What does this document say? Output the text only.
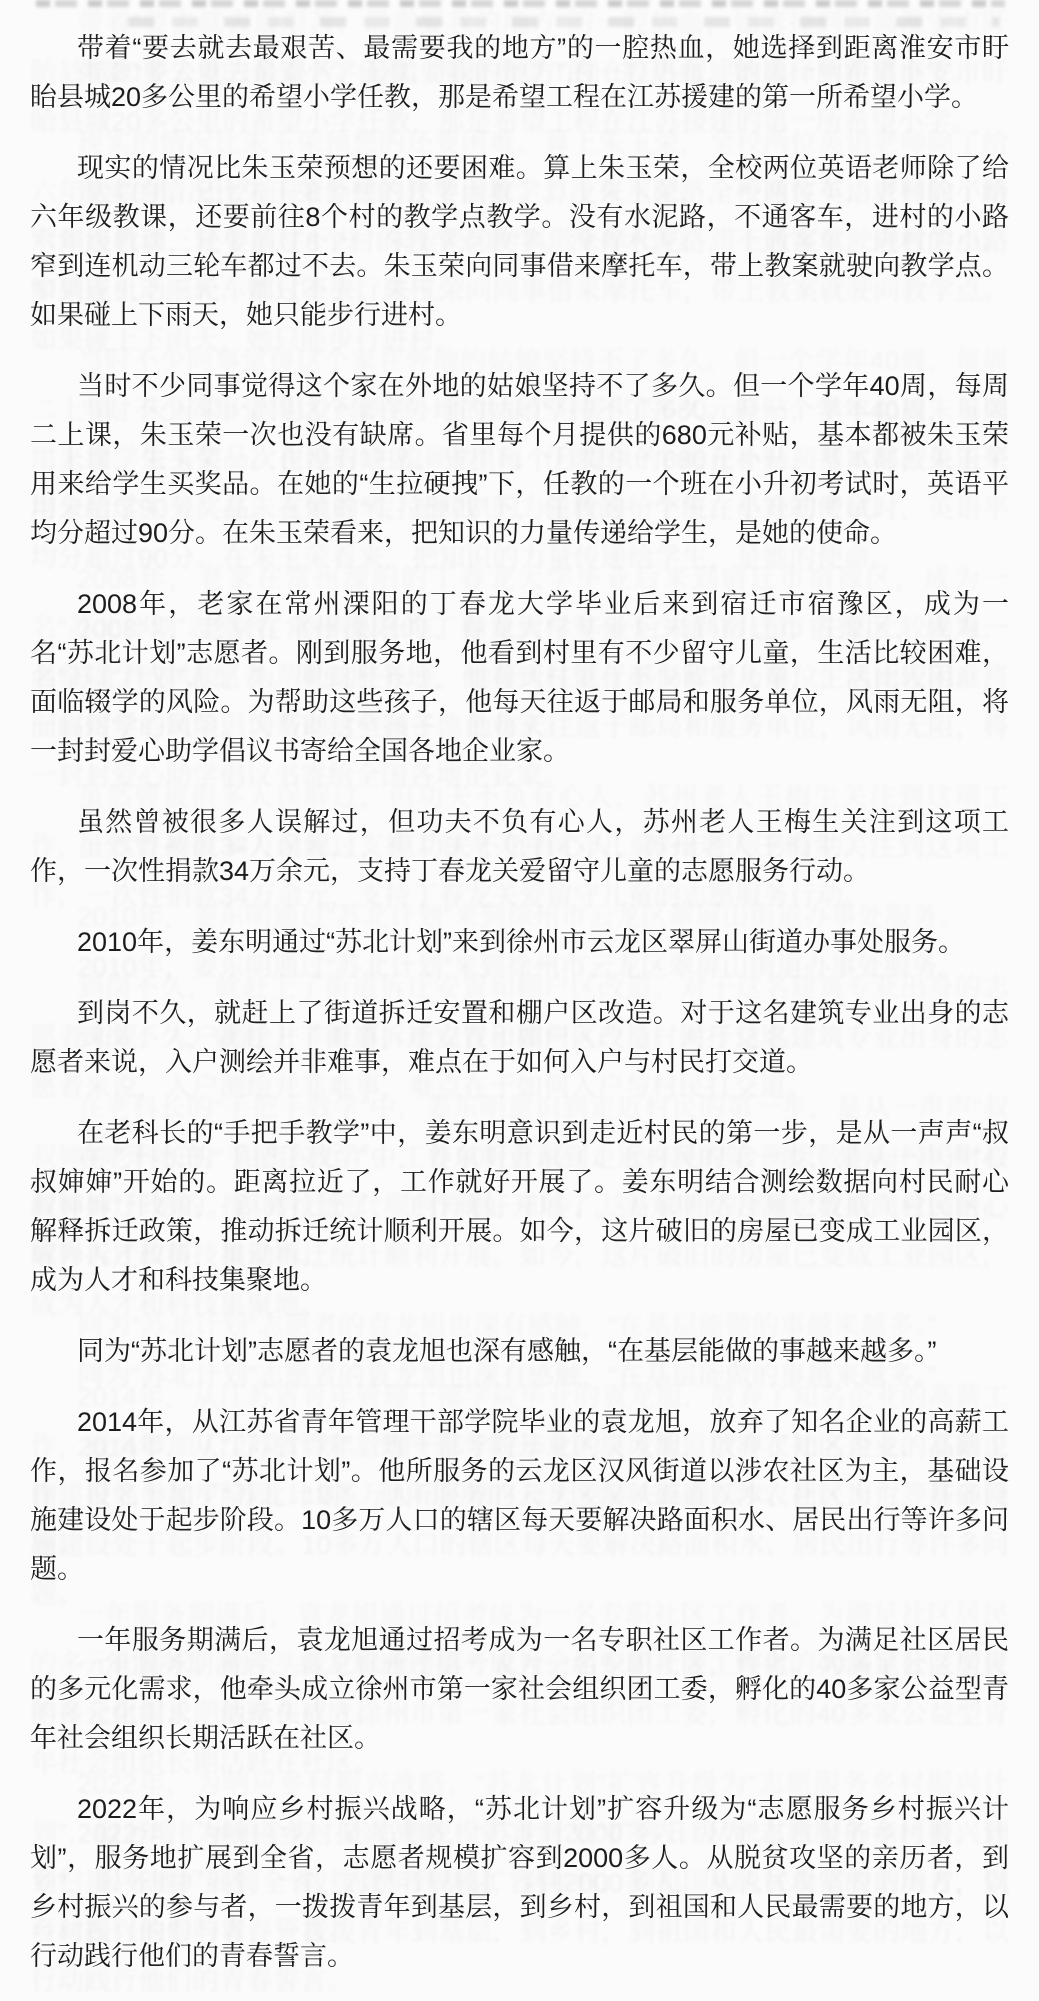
带着“要去就去最艰苦、最需要我的地方”的一腔热血，她选择到距离淮安市盱眙县城20多公里的希望小学任教，那是希望工程在江苏援建的第一所希望小学。

现实的情况比朱玉荣预想的还要困难。算上朱玉荣，全校两位英语老师除了给六年级教课，还要前往8个村的教学点教学。没有水泥路，不通客车，进村的小路窄到连机动三轮车都过不去。朱玉荣向同事借来摩托车，带上教案就驶向教学点。如果碰上下雨天，她只能步行进村。

当时不少同事觉得这个家在外地的姑娘坚持不了多久。但一个学年40周，每周二上课，朱玉荣一次也没有缺席。省里每个月提供的680元补贴，基本都被朱玉荣用来给学生买奖品。在她的“生拉硬拽”下，任教的一个班在小升初考试时，英语平均分超过90分。在朱玉荣看来，把知识的力量传递给学生，是她的使命。

2008年，老家在常州溧阳的丁春龙大学毕业后来到宿迁市宿豫区，成为一名“苏北计划”志愿者。刚到服务地，他看到村里有不少留守儿童，生活比较困难，面临辍学的风险。为帮助这些孩子，他每天往返于邮局和服务单位，风雨无阻，将一封封爱心助学倡议书寄给全国各地企业家。

虽然曾被很多人误解过，但功夫不负有心人，苏州老人王梅生关注到这项工作，一次性捐款34万余元，支持丁春龙关爱留守儿童的志愿服务行动。

2010年，姜东明通过“苏北计划”来到徐州市云龙区翠屏山街道办事处服务。

到岗不久，就赶上了街道拆迁安置和棚户区改造。对于这名建筑专业出身的志愿者来说，入户测绘并非难事，难点在于如何入户与村民打交道。

在老科长的“手把手教学”中，姜东明意识到走近村民的第一步，是从一声声“叔叔婶婶”开始的。距离拉近了，工作就好开展了。姜东明结合测绘数据向村民耐心解释拆迁政策，推动拆迁统计顺利开展。如今，这片破旧的房屋已变成工业园区，成为人才和科技集聚地。

同为“苏北计划”志愿者的袁龙旭也深有感触，“在基层能做的事越来越多。”

2014年，从江苏省青年管理干部学院毕业的袁龙旭，放弃了知名企业的高薪工作，报名参加了“苏北计划”。他所服务的云龙区汉风街道以涉农社区为主，基础设施建设处于起步阶段。10多万人口的辖区每天要解决路面积水、居民出行等许多问题。

一年服务期满后，袁龙旭通过招考成为一名专职社区工作者。为满足社区居民的多元化需求，他牵头成立徐州市第一家社会组织团工委，孵化的40多家公益型青年社会组织长期活跃在社区。

2022年，为响应乡村振兴战略，“苏北计划”扩容升级为“志愿服务乡村振兴计划”，服务地扩展到全省，志愿者规模扩容到2000多人。从脱贫攻坚的亲历者，到乡村振兴的参与者，一拨拨青年到基层，到乡村，到祖国和人民最需要的地方，以行动践行他们的青春誓言。
